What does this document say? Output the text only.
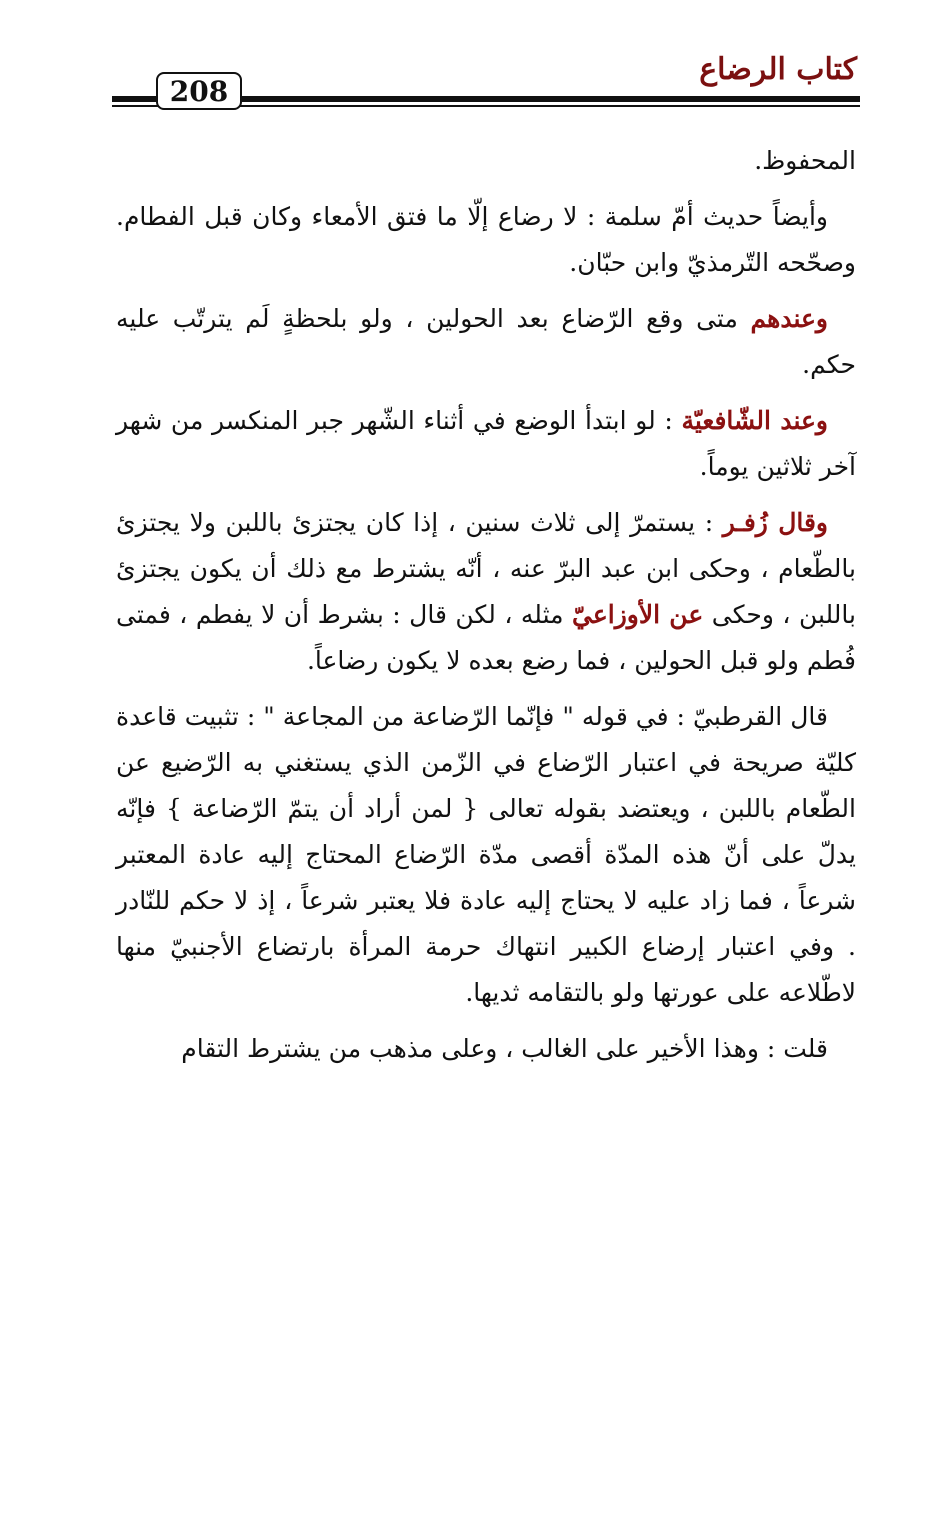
كتاب الرضاع
208

المحفوظ.

وأيضاً حديث أمّ سلمة : لا رضاع إلّا ما فتق الأمعاء وكان قبل الفطام. وصحّحه التّرمذيّ وابن حبّان.

وعندهم متى وقع الرّضاع بعد الحولين ، ولو بلحظةٍ لَم يترتّب عليه حكم.

وعند الشّافعيّة : لو ابتدأ الوضع في أثناء الشّهر جبر المنكسر من شهر آخر ثلاثين يوماً.

وقال زُفـر : يستمرّ إلى ثلاث سنين ، إذا كان يجتزئ باللبن ولا يجتزئ بالطّعام ، وحكى ابن عبد البرّ عنه ، أنّه يشترط مع ذلك أن يكون يجتزئ باللبن ، وحكى عن الأوزاعيّ مثله ، لكن قال : بشرط أن لا يفطم ، فمتى فُطم ولو قبل الحولين ، فما رضع بعده لا يكون رضاعاً.

قال القرطبيّ : في قوله " فإنّما الرّضاعة من المجاعة " : تثبيت قاعدة كليّة صريحة في اعتبار الرّضاع في الزّمن الذي يستغني به الرّضيع عن الطّعام باللبن ، ويعتضد بقوله تعالى { لمن أراد أن يتمّ الرّضاعة } فإنّه يدلّ على أنّ هذه المدّة أقصى مدّة الرّضاع المحتاج إليه عادة المعتبر شرعاً ، فما زاد عليه لا يحتاج إليه عادة فلا يعتبر شرعاً ، إذ لا حكم للنّادر . وفي اعتبار إرضاع الكبير انتهاك حرمة المرأة بارتضاع الأجنبيّ منها لاطّلاعه على عورتها ولو بالتقامه ثديها.

قلت : وهذا الأخير على الغالب ، وعلى مذهب من يشترط التقام
